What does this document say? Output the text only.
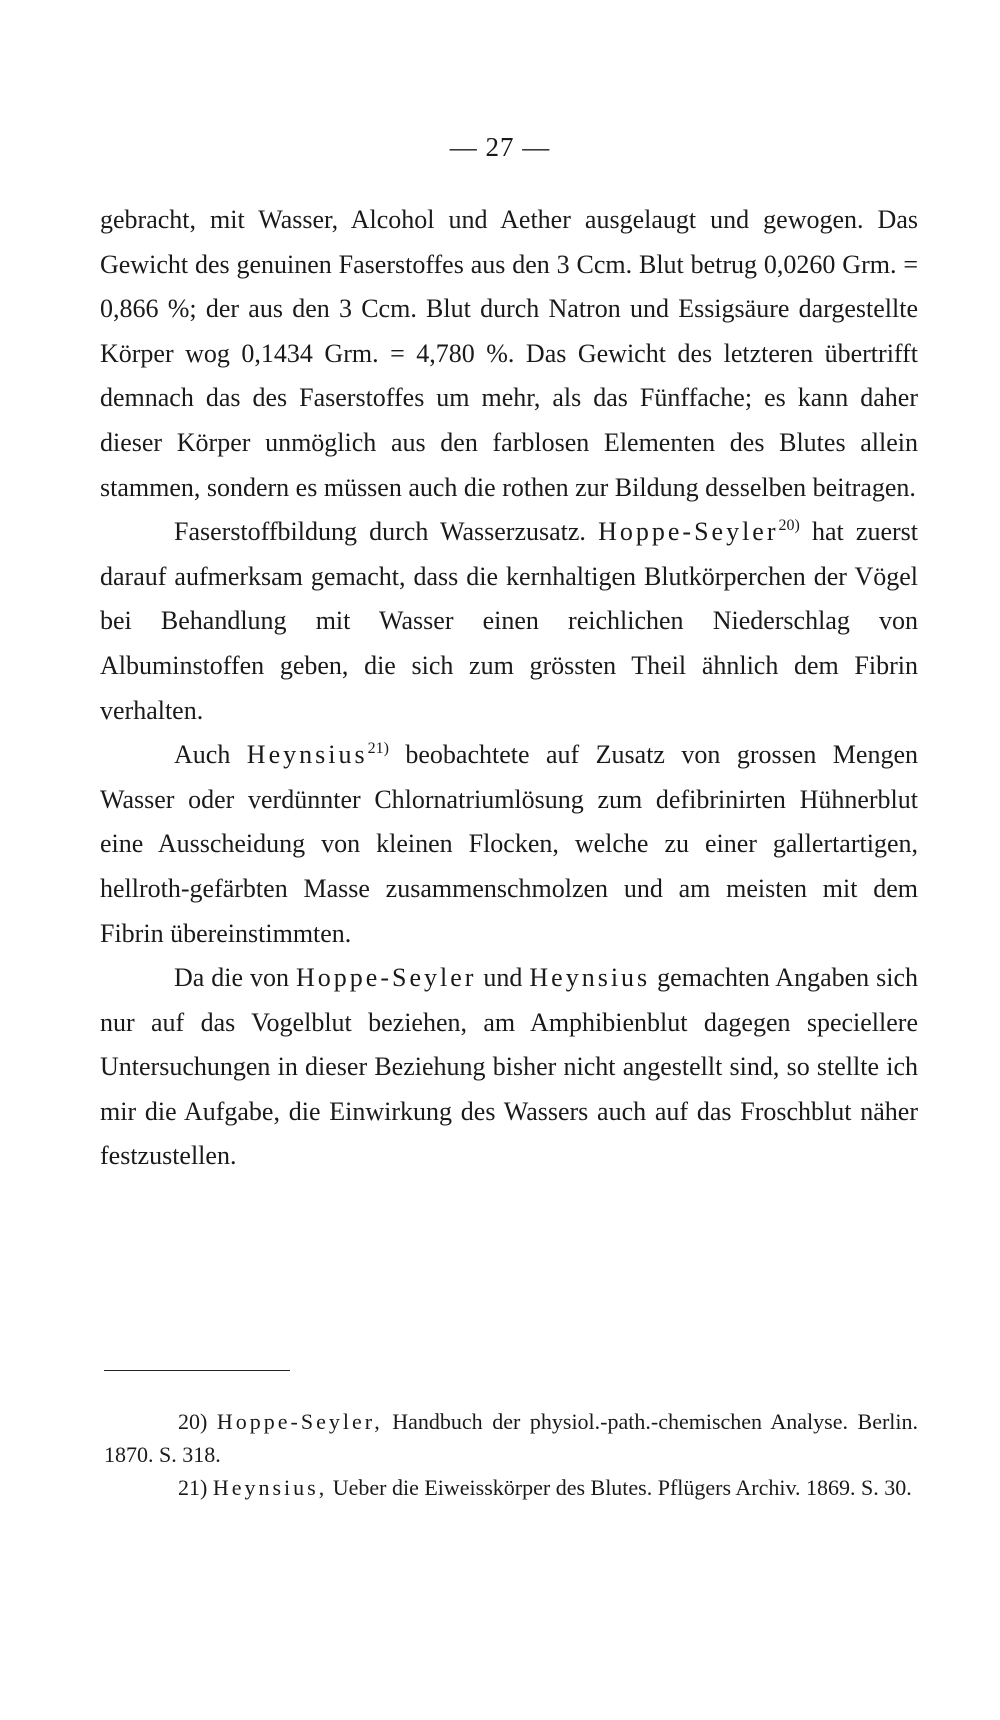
— 27 —

gebracht, mit Wasser, Alcohol und Aether ausgelaugt und gewogen. Das Gewicht des genuinen Faserstoffes aus den 3 Ccm. Blut betrug 0,0260 Grm. = 0,866 %; der aus den 3 Ccm. Blut durch Natron und Essigsäure dargestellte Körper wog 0,1434 Grm. = 4,780 %. Das Gewicht des letzteren übertrifft demnach das des Faserstoffes um mehr, als das Fünffache; es kann daher dieser Körper unmöglich aus den farblosen Elementen des Blutes allein stammen, sondern es müssen auch die rothen zur Bildung desselben beitragen.

Faserstoffbildung durch Wasserzusatz. Hoppe-Seyler$^{20)}$ hat zuerst darauf aufmerksam gemacht, dass die kernhaltigen Blutkörperchen der Vögel bei Behandlung mit Wasser einen reichlichen Niederschlag von Albuminstoffen geben, die sich zum grössten Theil ähnlich dem Fibrin verhalten.

Auch Heynsius$^{21)}$ beobachtete auf Zusatz von grossen Mengen Wasser oder verdünnter Chlornatriumlösung zum defibrinirten Hühnerblut eine Ausscheidung von kleinen Flocken, welche zu einer gallertartigen, hellroth-gefärbten Masse zusammenschmolzen und am meisten mit dem Fibrin übereinstimmten.

Da die von Hoppe-Seyler und Heynsius gemachten Angaben sich nur auf das Vogelblut beziehen, am Amphibienblut dagegen speciellere Untersuchungen in dieser Beziehung bisher nicht angestellt sind, so stellte ich mir die Aufgabe, die Einwirkung des Wassers auch auf das Froschblut näher festzustellen.

20) Hoppe-Seyler, Handbuch der physiol.-path.-chemischen Analyse. Berlin. 1870. S. 318.

21) Heynsius, Ueber die Eiweisskörper des Blutes. Pflügers Archiv. 1869. S. 30.
